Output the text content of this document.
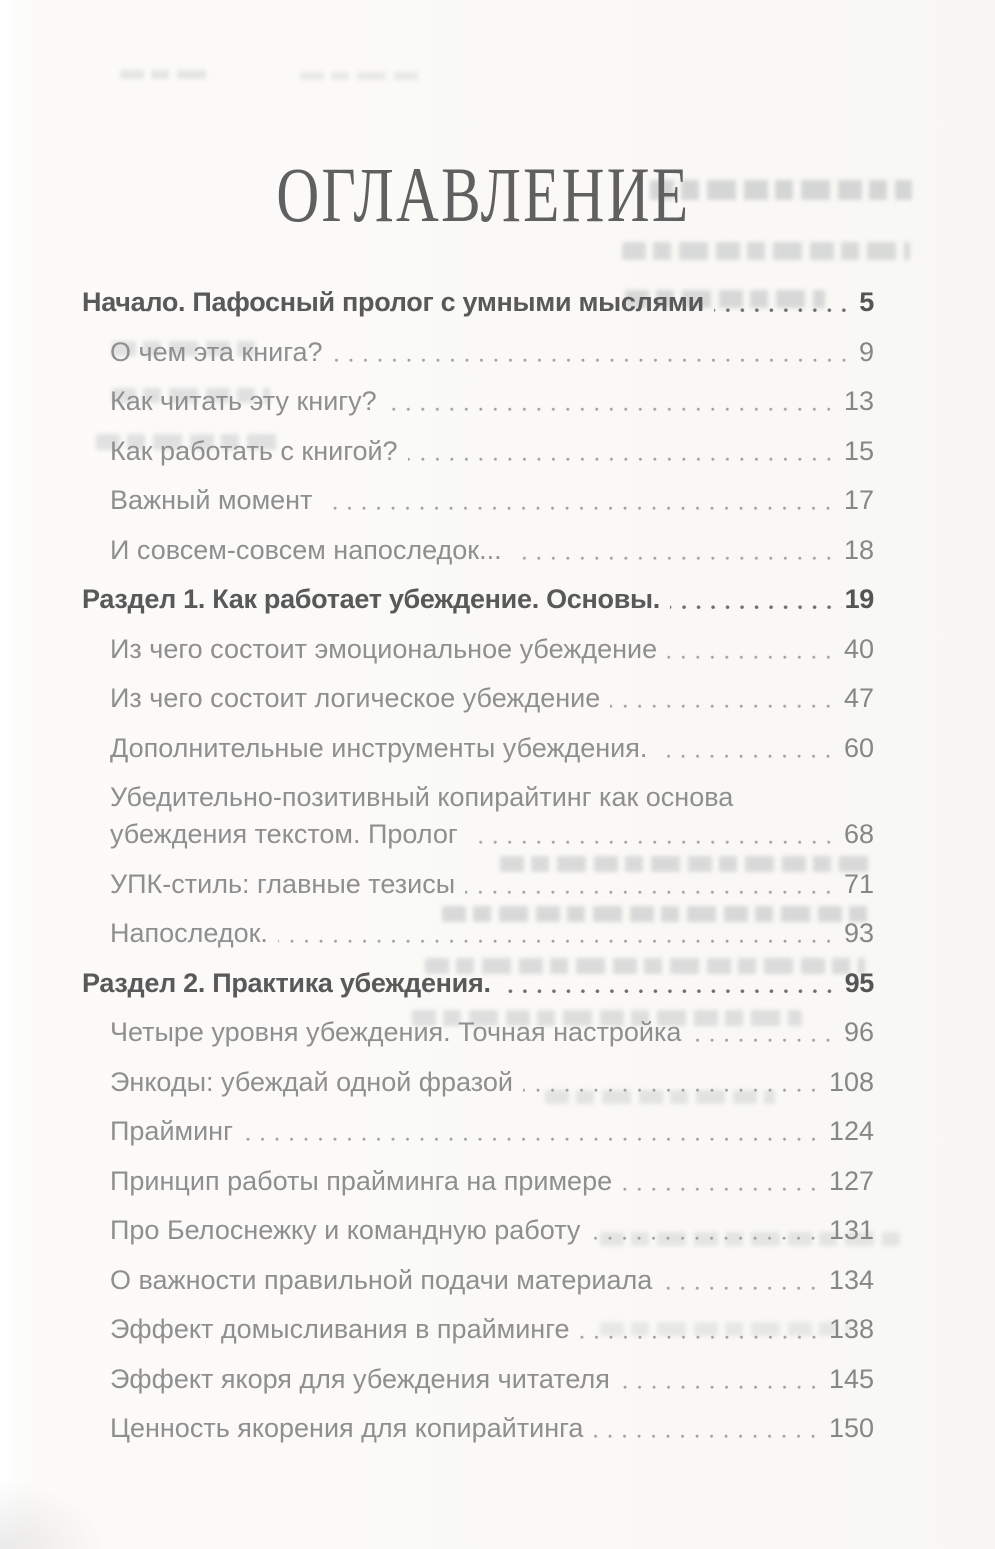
ОГЛАВЛЕНИЕ
Начало. Пафосный пролог с умными мыслями	5
О чем эта книга?	9
Как читать эту книгу?	13
Как работать с книгой?	15
Важный момент	17
И совсем-совсем напоследок...	18
Раздел 1. Как работает убеждение. Основы.	19
Из чего состоит эмоциональное убеждение	40
Из чего состоит логическое убеждение	47
Дополнительные инструменты убеждения.	60
Убедительно-позитивный копирайтинг как основа
убеждения текстом. Пролог	68
УПК-стиль: главные тезисы	71
Напоследок.	93
Раздел 2. Практика убеждения.	95
Четыре уровня убеждения. Точная настройка	96
Энкоды: убеждай одной фразой	108
Прайминг	124
Принцип работы прайминга на примере	127
Про Белоснежку и командную работу	131
О важности правильной подачи материала	134
Эффект домысливания в прайминге	138
Эффект якоря для убеждения читателя	145
Ценность якорения для копирайтинга	150
